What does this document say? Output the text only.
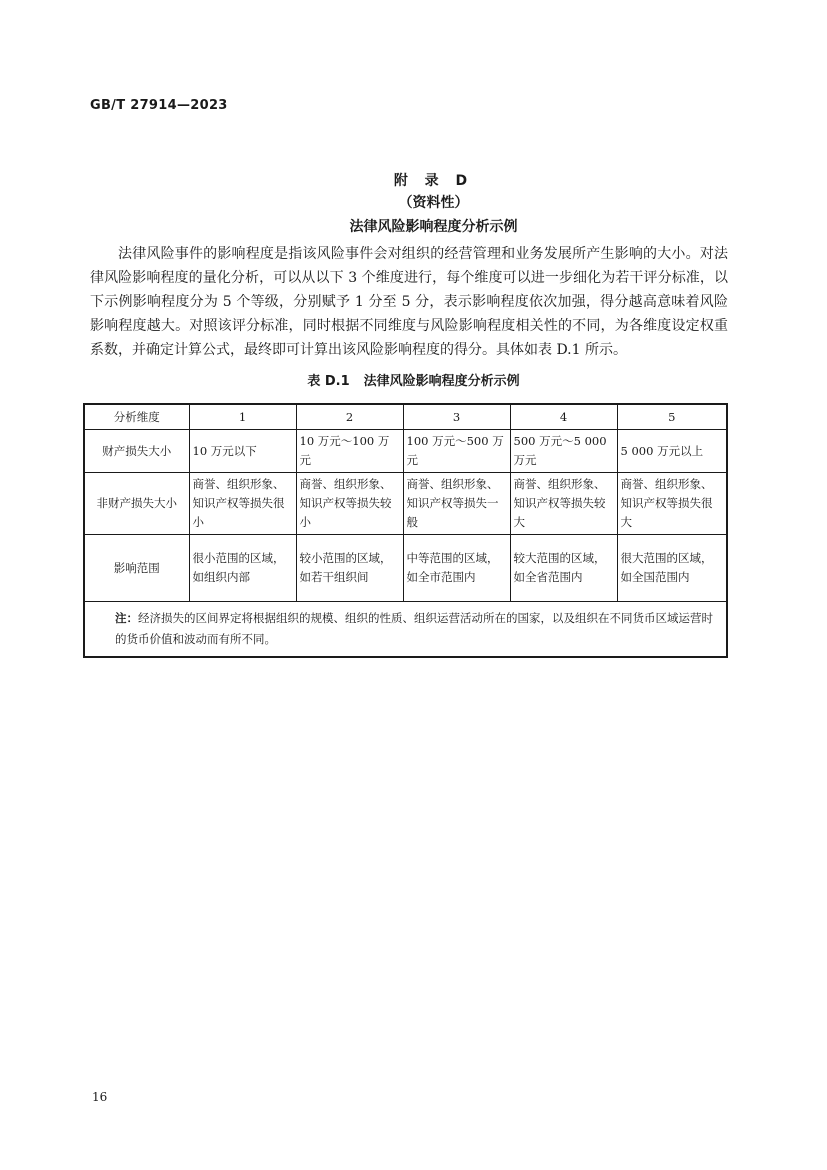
GB/T 27914—2023
附 录 D
（资料性）
法律风险影响程度分析示例

法律风险事件的影响程度是指该风险事件会对组织的经营管理和业务发展所产生影响的大小。对法律风险影响程度的量化分析，可以从以下 3 个维度进行，每个维度可以进一步细化为若干评分标准，以下示例影响程度分为 5 个等级，分别赋予 1 分至 5 分，表示影响程度依次加强，得分越高意味着风险影响程度越大。对照该评分标准，同时根据不同维度与风险影响程度相关性的不同，为各维度设定权重系数，并确定计算公式，最终即可计算出该风险影响程度的得分。具体如表 D.1 所示。

表 D.1 法律风险影响程度分析示例
分析维度	1	2	3	4	5
财产损失大小	10 万元以下	10 万元～100 万元	100 万元～500 万元	500 万元～5 000 万元	5 000 万元以上
非财产损失大小	商誉、组织形象、知识产权等损失很小	商誉、组织形象、知识产权等损失较小	商誉、组织形象、知识产权等损失一般	商誉、组织形象、知识产权等损失较大	商誉、组织形象、知识产权等损失很大
影响范围	很小范围的区域，如组织内部	较小范围的区域，如若干组织间	中等范围的区域，如全市范围内	较大范围的区域，如全省范围内	很大范围的区域，如全国范围内
注：经济损失的区间界定将根据组织的规模、组织的性质、组织运营活动所在的国家，以及组织在不同货币区域运营时的货币价值和波动而有所不同。					
16
